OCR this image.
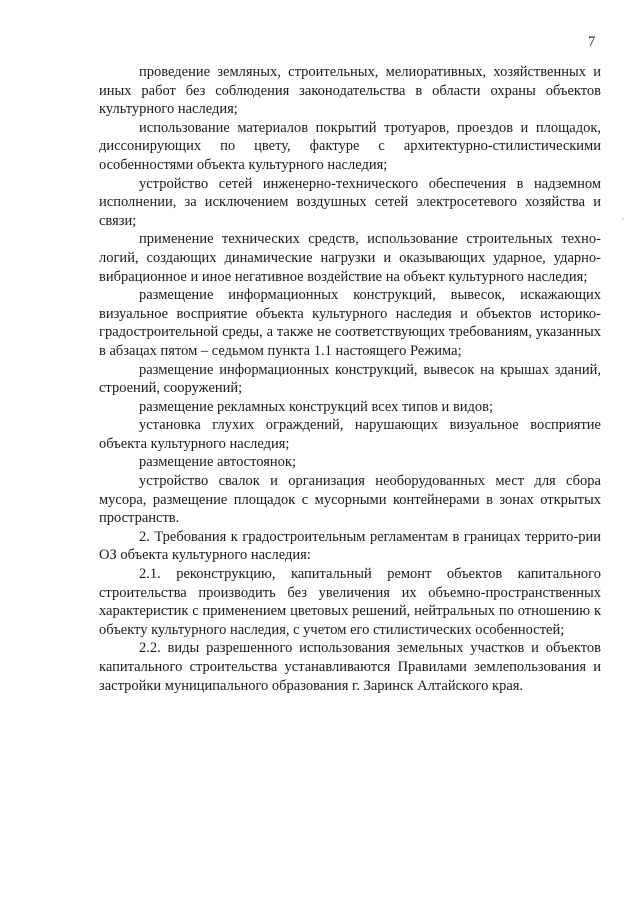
7
,

проведение земляных, строительных, мелиоративных, хозяйственных и иных работ без соблюдения законодательства в области охраны объектов культурного наследия;

использование материалов покрытий тротуаров, проездов и площадок, диссонирующих по цвету, фактуре с архитектурно-стилистическими особенностями объекта культурного наследия;

устройство сетей инженерно-технического обеспечения в надземном исполнении, за исключением воздушных сетей электросетевого хозяйства и связи;

применение технических средств, использование строительных техно-логий, создающих динамические нагрузки и оказывающих ударное, ударно-вибрационное и иное негативное воздействие на объект культурного наследия;

размещение информационных конструкций, вывесок, искажающих визуальное восприятие объекта культурного наследия и объектов историко-градостроительной среды, а также не соответствующих требованиям, указанных в абзацах пятом – седьмом пункта 1.1 настоящего Режима;

размещение информационных конструкций, вывесок на крышах зданий, строений, сооружений;

размещение рекламных конструкций всех типов и видов;

установка глухих ограждений, нарушающих визуальное восприятие объекта культурного наследия;

размещение автостоянок;

устройство свалок и организация необорудованных мест для сбора мусора, размещение площадок с мусорными контейнерами в зонах открытых пространств.

2. Требования к градостроительным регламентам в границах террито-рии ОЗ объекта культурного наследия:

2.1. реконструкцию, капитальный ремонт объектов капитального строительства производить без увеличения их объемно-пространственных характеристик с применением цветовых решений, нейтральных по отношению к объекту культурного наследия, с учетом его стилистических особенностей;

2.2. виды разрешенного использования земельных участков и объектов капитального строительства устанавливаются Правилами землепользования и застройки муниципального образования г. Заринск Алтайского края.
